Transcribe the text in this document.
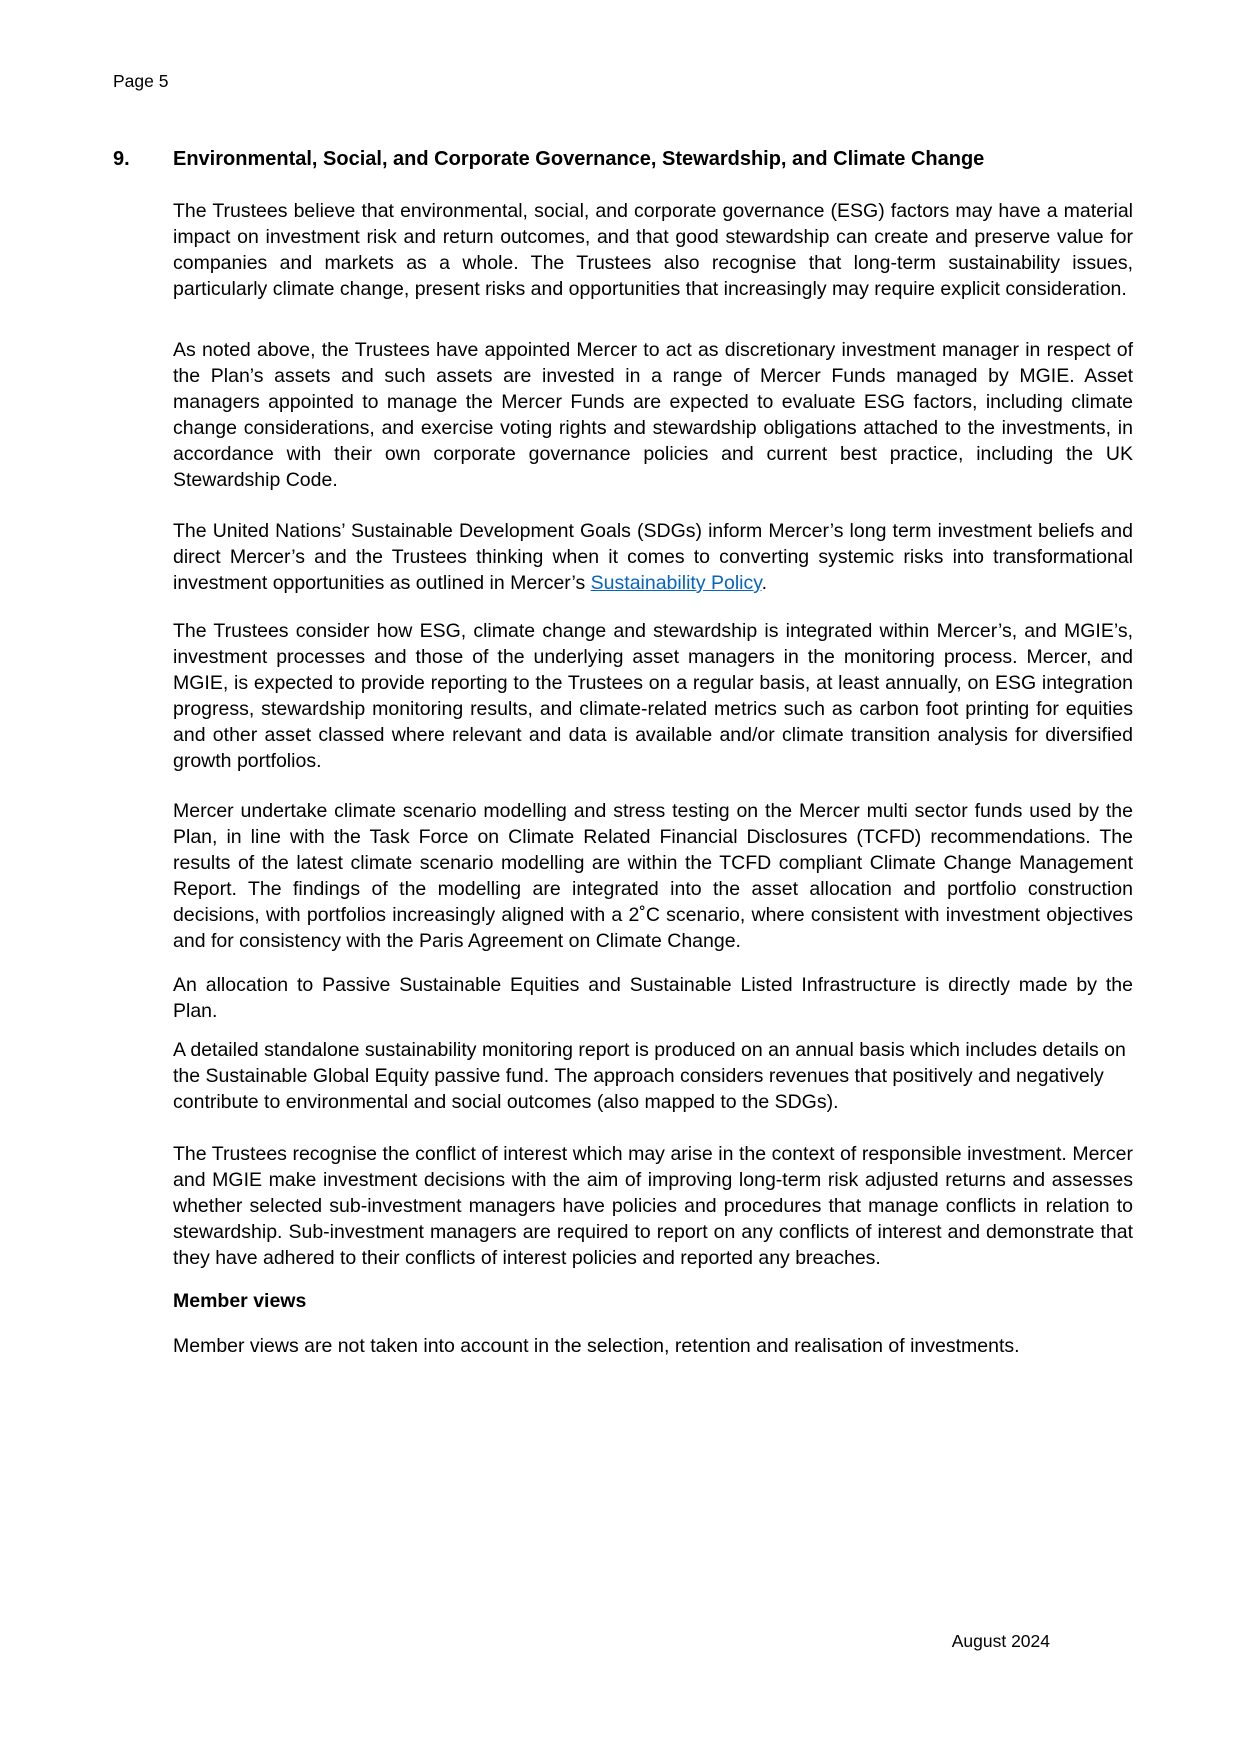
Page 5
9.	Environmental, Social, and Corporate Governance, Stewardship, and Climate Change

The Trustees believe that environmental, social, and corporate governance (ESG) factors may have a material impact on investment risk and return outcomes, and that good stewardship can create and preserve value for companies and markets as a whole. The Trustees also recognise that long-term sustainability issues, particularly climate change, present risks and opportunities that increasingly may require explicit consideration.

As noted above, the Trustees have appointed Mercer to act as discretionary investment manager in respect of the Plan’s assets and such assets are invested in a range of Mercer Funds managed by MGIE. Asset managers appointed to manage the Mercer Funds are expected to evaluate ESG factors, including climate change considerations, and exercise voting rights and stewardship obligations attached to the investments, in accordance with their own corporate governance policies and current best practice, including the UK Stewardship Code.

The United Nations’ Sustainable Development Goals (SDGs) inform Mercer’s long term investment beliefs and direct Mercer’s and the Trustees thinking when it comes to converting systemic risks into transformational investment opportunities as outlined in Mercer’s Sustainability Policy.

The Trustees consider how ESG, climate change and stewardship is integrated within Mercer’s, and MGIE’s, investment processes and those of the underlying asset managers in the monitoring process. Mercer, and MGIE, is expected to provide reporting to the Trustees on a regular basis, at least annually, on ESG integration progress, stewardship monitoring results, and climate-related metrics such as carbon foot printing for equities and other asset classed where relevant and data is available and/or climate transition analysis for diversified growth portfolios.

Mercer undertake climate scenario modelling and stress testing on the Mercer multi sector funds used by the Plan, in line with the Task Force on Climate Related Financial Disclosures (TCFD) recommendations. The results of the latest climate scenario modelling are within the TCFD compliant Climate Change Management Report. The findings of the modelling are integrated into the asset allocation and portfolio construction decisions, with portfolios increasingly aligned with a 2˚C scenario, where consistent with investment objectives and for consistency with the Paris Agreement on Climate Change.

An allocation to Passive Sustainable Equities and Sustainable Listed Infrastructure is directly made by the Plan.

A detailed standalone sustainability monitoring report is produced on an annual basis which includes details on the Sustainable Global Equity passive fund. The approach considers revenues that positively and negatively contribute to environmental and social outcomes (also mapped to the SDGs).

The Trustees recognise the conflict of interest which may arise in the context of responsible investment. Mercer and MGIE make investment decisions with the aim of improving long-term risk adjusted returns and assesses whether selected sub-investment managers have policies and procedures that manage conflicts in relation to stewardship. Sub-investment managers are required to report on any conflicts of interest and demonstrate that they have adhered to their conflicts of interest policies and reported any breaches.

Member views

Member views are not taken into account in the selection, retention and realisation of investments.

August 2024
